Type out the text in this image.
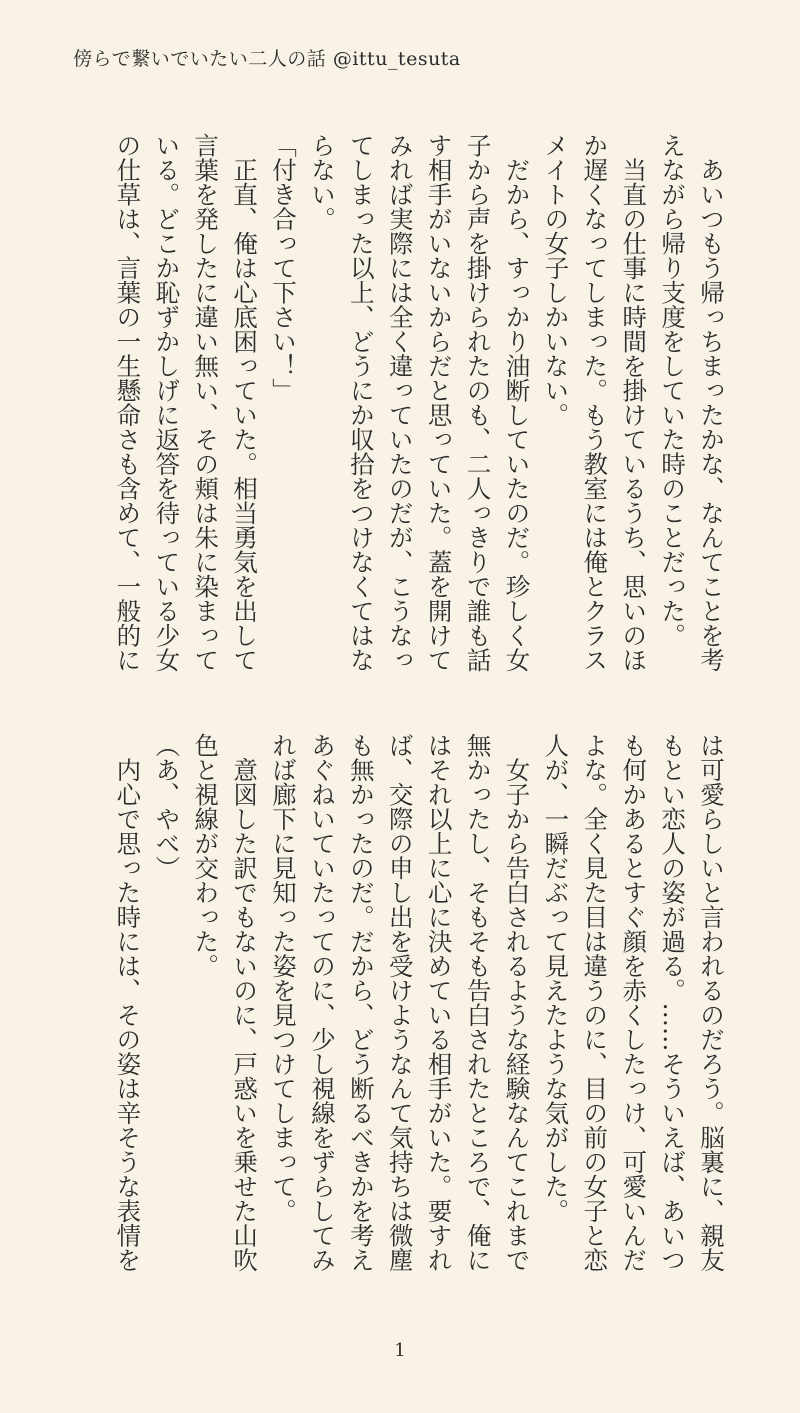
傍らで繋いでいたい二人の話 @ittu_tesuta

　あいつもう帰っちまったかな、なんてことを考

えながら帰り支度をしていた時のことだった。

　当直の仕事に時間を掛けているうち、思いのほ

か遅くなってしまった。もう教室には俺とクラス

メイトの女子しかいない。

　だから、すっかり油断していたのだ。珍しく女

子から声を掛けられたのも、二人っきりで誰も話

す相手がいないからだと思っていた。蓋を開けて

みれば実際には全く違っていたのだが、こうなっ

てしまった以上、どうにか収拾をつけなくてはな

らない。

「付き合って下さい！」

　正直、俺は心底困っていた。相当勇気を出して

言葉を発したに違い無い、その頬は朱に染まって

いる。どこか恥ずかしげに返答を待っている少女

の仕草は、言葉の一生懸命さも含めて、一般的に

は可愛らしいと言われるのだろう。脳裏に、親友

もとい恋人の姿が過る。……そういえば、あいつ

も何かあるとすぐ顔を赤くしたっけ、可愛いんだ

よな。全く見た目は違うのに、目の前の女子と恋

人が、一瞬だぶって見えたような気がした。

　女子から告白されるような経験なんてこれまで

無かったし、そもそも告白されたところで、俺に

はそれ以上に心に決めている相手がいた。要すれ

ば、交際の申し出を受けようなんて気持ちは微塵

も無かったのだ。だから、どう断るべきかを考え

あぐねいていたってのに、少し視線をずらしてみ

れば廊下に見知った姿を見つけてしまって。

　意図した訳でもないのに、戸惑いを乗せた山吹

色と視線が交わった。

（あ、やべ）

　内心で思った時には、その姿は辛そうな表情を

1
